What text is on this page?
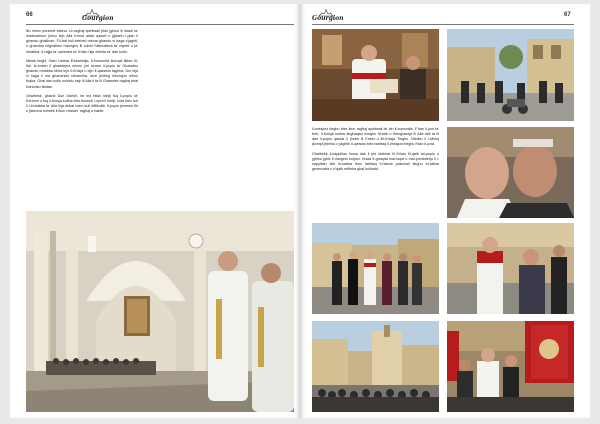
66	Gourgion

illu mhux prezenti fostna. Ur-raghaj spiritwali jridu jghinu lil dawk ta' madwarhom jimxu lejn Alla b'mod aktar qawwi u jgharfu l-pjan li ghandu ghalihom. Fil-fatt kull wiehed minna ghandu xi haga x'jaghti, u ghandna nitghallmu nisimghu lil xulxin f'atmosfera ta' rispett u ta' mhabba. Il-hajja ta' saċerdot ta' Kristu hija xhieda ta' dan kollu.

Mbieb tieghi, f'dan l-istess Ewkaristija, il-Komunità tkompli tikber fil-fidi. Iż-żmien li ghaddejna minnu juri kemm il-poplu ta' Ghawdex ghandu mhabba kbira lejn il-Knisja u lejn il-qassisin taghha. Din hija xi haga li ma ghandniex ninsewha, anzi jehtieg inkomplu nibnu fuqha. Ghal dan kollu nroddu hajr lil Alla li ta lil Ghawdex ragħaj bhal Kanonku Nistas.

Ghalhekk, ghażiż Dun Daniel, int ma titlax idejk fuq il-poplu ta' Kerċem u fuq il-Knisja kollha biex tkompli l-opra li bdejt, izda biex turi li l-imhabba ta' Alla hija akbar minn kull diffikultà. Il-poplu jemmen fik u jistenna minnek li tkun missier, ragħaj u habib.

Gourgion	67

il-missjoni tieghu biex ikun ragħaj spiritwali ta' din il-komunità. F'dan il-jum ta' ferh, il-Knisja kollha tingħaqad mieghu fit-talb u tirringrazzja lil Alla talli ta lil dan il-poplu qassis li jhobb lil Kristu u lill-Knisja Tieghu. Nitolbu li l-Mulej jkompli jbierku u jaghtih il-qawwa biex iwettaq il-missjoni tieghu f'dan il-post.

Ghalhekk il-kappillan huwa dak li jrid idahhal lil Kristu fil-qalb tal-poplu u jghinu jghix il-Vangelu kuljum. Huwa fl-ghaqda mal-Isqof u mal-presbiterju li l-kappillan isib is-sahha biex iwettaq il-hidma pastorali tieghu bl-akbar generosità u b'qalb miftuha ghal kulhadd.
